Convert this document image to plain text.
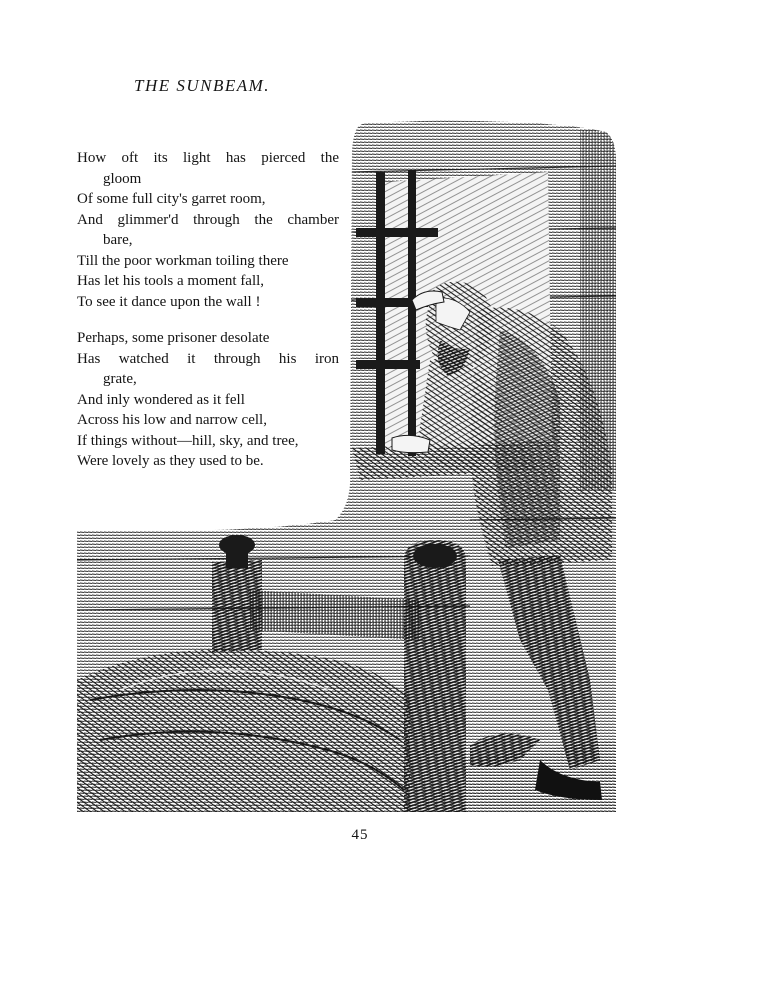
THE SUNBEAM.
How oft its light has pierced the
gloom
Of some full city's garret room,
And glimmer'd through the chamber
bare,
Till the poor workman toiling there
Has let his tools a moment fall,
To see it dance upon the wall !
Perhaps, some prisoner desolate
Has watched it through his iron
grate,
And inly wondered as it fell
Across his low and narrow cell,
If things without—hill, sky, and tree,
Were lovely as they used to be.
45
